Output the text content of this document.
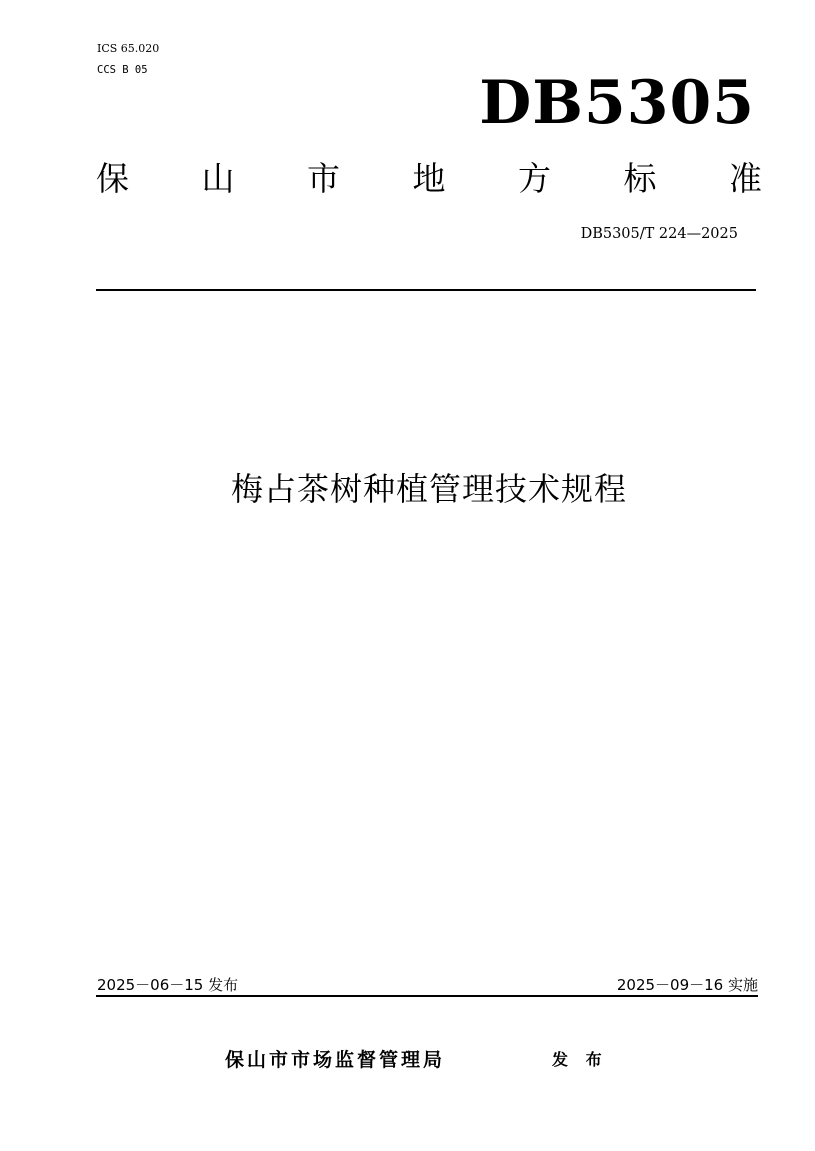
ICS 65.020
CCS B 05	DB5305
保 山 市 地 方 标 准
DB5305/T 224—2025
梅占茶树种植管理技术规程
2025－06－15 发布	2025－09－16 实施
保山市市场监督管理局	发 布
